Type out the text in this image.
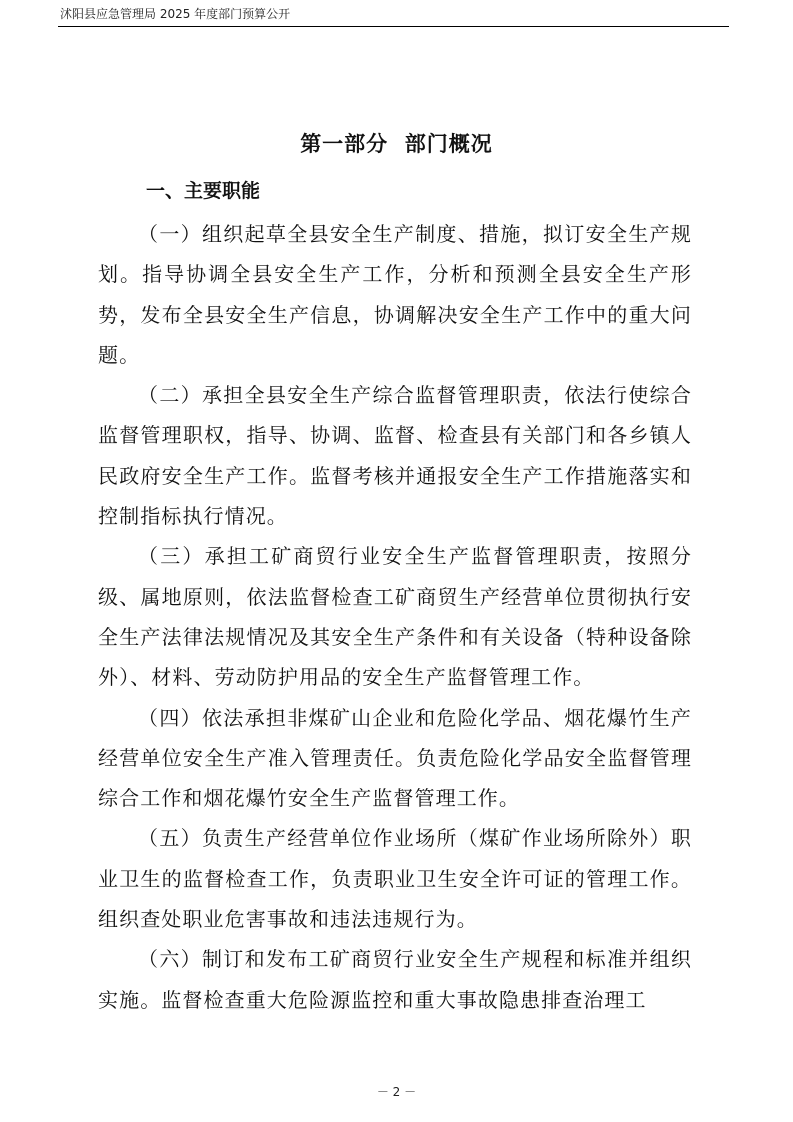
沭阳县应急管理局 2025 年度部门预算公开
第一部分  部门概况
一、主要职能

（一）组织起草全县安全生产制度、措施，拟订安全生产规划。指导协调全县安全生产工作，分析和预测全县安全生产形势，发布全县安全生产信息，协调解决安全生产工作中的重大问题。

（二）承担全县安全生产综合监督管理职责，依法行使综合监督管理职权，指导、协调、监督、检查县有关部门和各乡镇人民政府安全生产工作。监督考核并通报安全生产工作措施落实和控制指标执行情况。

（三）承担工矿商贸行业安全生产监督管理职责，按照分级、属地原则，依法监督检查工矿商贸生产经营单位贯彻执行安全生产法律法规情况及其安全生产条件和有关设备（特种设备除外）、材料、劳动防护用品的安全生产监督管理工作。

（四）依法承担非煤矿山企业和危险化学品、烟花爆竹生产经营单位安全生产准入管理责任。负责危险化学品安全监督管理综合工作和烟花爆竹安全生产监督管理工作。

（五）负责生产经营单位作业场所（煤矿作业场所除外）职业卫生的监督检查工作，负责职业卫生安全许可证的管理工作。组织查处职业危害事故和违法违规行为。

（六）制订和发布工矿商贸行业安全生产规程和标准并组织实施。监督检查重大危险源监控和重大事故隐患排查治理工

－ 2 －
